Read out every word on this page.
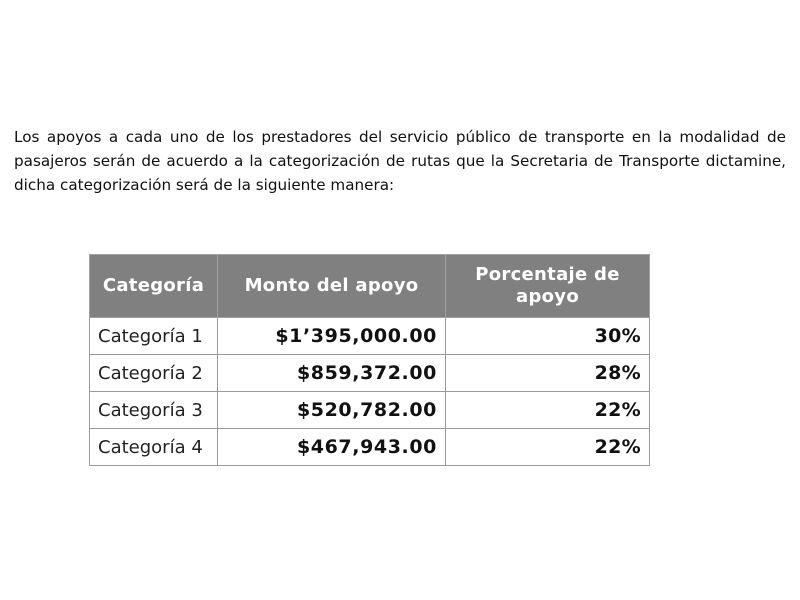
Los apoyos a cada uno de los prestadores del servicio público de transporte en la modalidad de pasajeros serán de acuerdo a la categorización de rutas que la Secretaria de Transporte dictamine, dicha categorización será de la siguiente manera:

Categoría	Monto del apoyo	Porcentaje de apoyo
Categoría 1	$1’395,000.00	30%
Categoría 2	$859,372.00	28%
Categoría 3	$520,782.00	22%
Categoría 4	$467,943.00	22%
